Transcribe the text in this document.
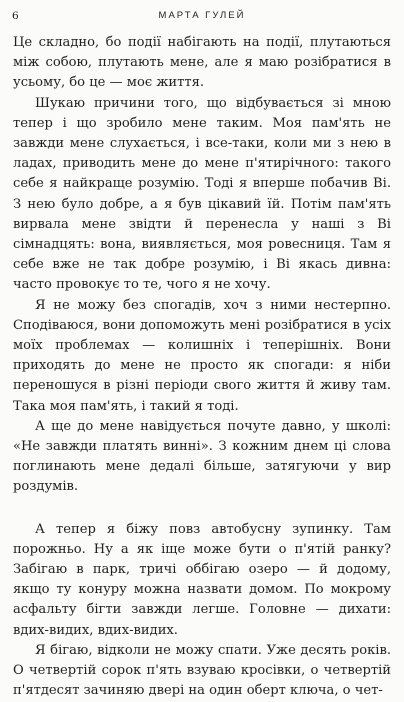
6	МАРТА ГУЛЕЙ

Це складно, бо події набігають на події, плутаються між собою, плутають мене, але я маю розібратися в усьому, бо це — моє життя.

Шукаю причини того, що відбувається зі мною тепер і що зробило мене таким. Моя пам'ять не завжди мене слухається, і все-таки, коли ми з нею в ладах, приводить мене до мене п'ятирічного: такого себе я найкраще розумію. Тоді я вперше побачив Ві. З нею було добре, а я був цікавий їй. Потім пам'ять вирвала мене звідти й перенесла у наші з Ві сімнадцять: вона, виявляється, моя ровесниця. Там я себе вже не так добре розумію, і Ві якась дивна: часто провокує то те, чого я не хочу.

Я не можу без спогадів, хоч з ними нестерпно. Сподіваюся, вони допоможуть мені розібратися в усіх моїх проблемах — колишніх і теперішніх. Вони приходять до мене не просто як спогади: я ніби переношуся в різні періоди свого життя й живу там. Така моя пам'ять, і такий я тоді.

А ще до мене навідується почуте давно, у школі: «Не завжди платять винні». З кожним днем ці слова поглинають мене дедалі більше, затягуючи у вир роздумів.

А тепер я біжу повз автобусну зупинку. Там порожньо. Ну а як іще може бути о п'ятій ранку? Забігаю в парк, тричі оббігаю озеро — й додому, якщо ту конуру можна назвати домом. По мокрому асфальту бігти завжди легше. Головне — дихати: вдих-видих, вдих-видих.

Я бігаю, відколи не можу спати. Уже десять років. О четвертій сорок п'ять взуваю кросівки, о четвертій п'ятдесят зачиняю двері на один оберт ключа, о чет-
